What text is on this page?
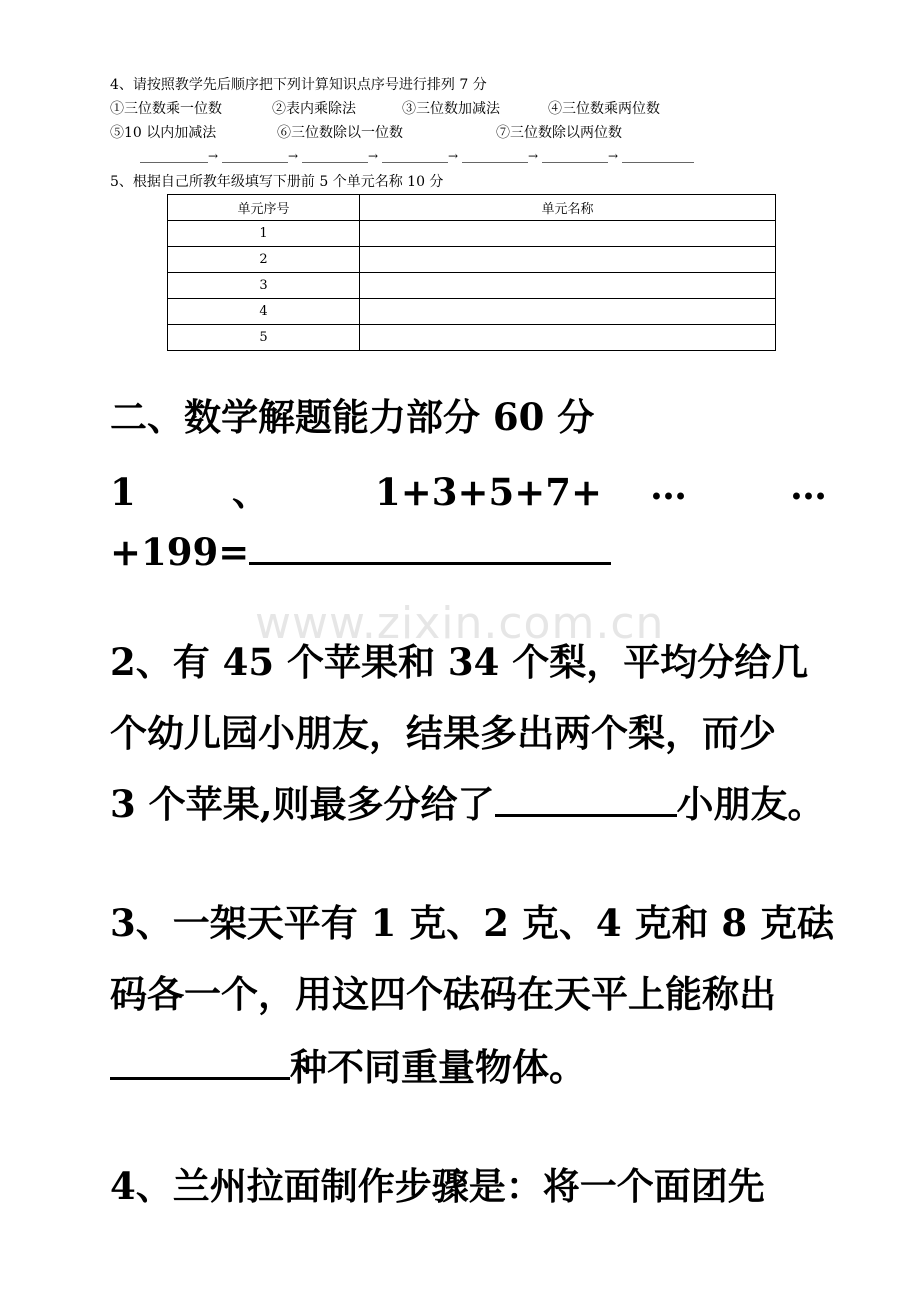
www.zixin.com.cn
4、请按照教学先后顺序把下列计算知识点序号进行排列 7 分
①三位数乘一位数	②表内乘除法	③三位数加减法	④三位数乘两位数
⑤10 以内加减法	⑥三位数除以一位数	⑦三位数除以两位数
→	→	→	→	→	→
5、根据自己所教年级填写下册前 5 个单元名称 10 分
单元序号	单元名称
1	
2	
3	
4	
5	
二、数学解题能力部分 60 分
1	、	1+3+5+7+ …	…
+199=
2、有 45 个苹果和 34 个梨，平均分给几
个幼儿园小朋友，结果多出两个梨，而少
3 个苹果,则最多分给了	小朋友。
3、一架天平有 1 克、2 克、4 克和 8 克砝
码各一个，用这四个砝码在天平上能称出
种不同重量物体。
4、兰州拉面制作步骤是：将一个面团先
